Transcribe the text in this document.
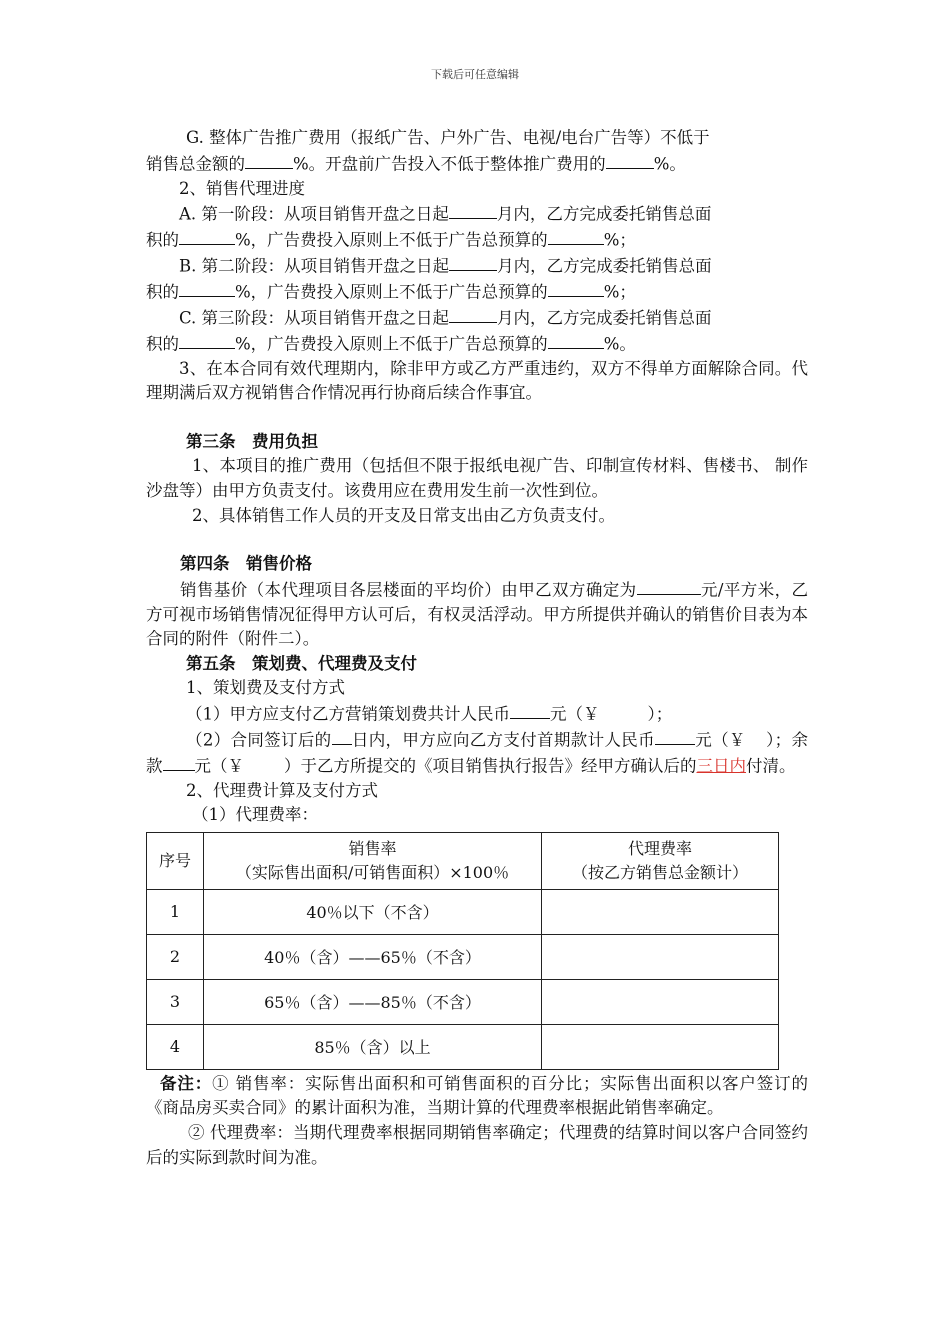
下载后可任意编辑

G. 整体广告推广费用（报纸广告、户外广告、电视/电台广告等）不低于
销售总金额的	%。开盘前广告投入不低于整体推广费用的	%。

2、销售代理进度

A. 第一阶段：从项目销售开盘之日起	月内，乙方完成委托销售总面
积的	%，广告费投入原则上不低于广告总预算的	%；

B. 第二阶段：从项目销售开盘之日起	月内，乙方完成委托销售总面
积的	%，广告费投入原则上不低于广告总预算的	%；

C. 第三阶段：从项目销售开盘之日起	月内，乙方完成委托销售总面
积的	%，广告费投入原则上不低于广告总预算的	%。

3、在本合同有效代理期内，除非甲方或乙方严重违约，双方不得单方面解除合同。代理期满后双方视销售合作情况再行协商后续合作事宜。

第三条　费用负担

1、本项目的推广费用（包括但不限于报纸电视广告、印制宣传材料、售楼书、 制作沙盘等）由甲方负责支付。该费用应在费用发生前一次性到位。

2、具体销售工作人员的开支及日常支出由乙方负责支付。

第四条　销售价格

销售基价（本代理项目各层楼面的平均价）由甲乙双方确定为	元/平方米，乙方可视市场销售情况征得甲方认可后，有权灵活浮动。甲方所提供并确认的销售价目表为本合同的附件（附件二）。

第五条　策划费、代理费及支付

1、策划费及支付方式

（1）甲方应支付乙方营销策划费共计人民币 元（￥	）；

（2）合同签订后的 日内，甲方应向乙方支付首期款计人民币 元（￥ ）；余款 元（￥ ）于乙方所提交的《项目销售执行报告》经甲方确认后的三日内付清。

2、代理费计算及支付方式

（1）代理费率：

序号	销售率
（实际售出面积/可销售面积）×100％	代理费率
（按乙方销售总金额计）
1	40％以下（不含）	
2	40％（含）——65％（不含）	
3	65％（含）——85％（不含）	
4	85％（含）以上	

备注：① 销售率：实际售出面积和可销售面积的百分比；实际售出面积以客户签订的《商品房买卖合同》的累计面积为准，当期计算的代理费率根据此销售率确定。

② 代理费率：当期代理费率根据同期销售率确定；代理费的结算时间以客户合同签约后的实际到款时间为准。
